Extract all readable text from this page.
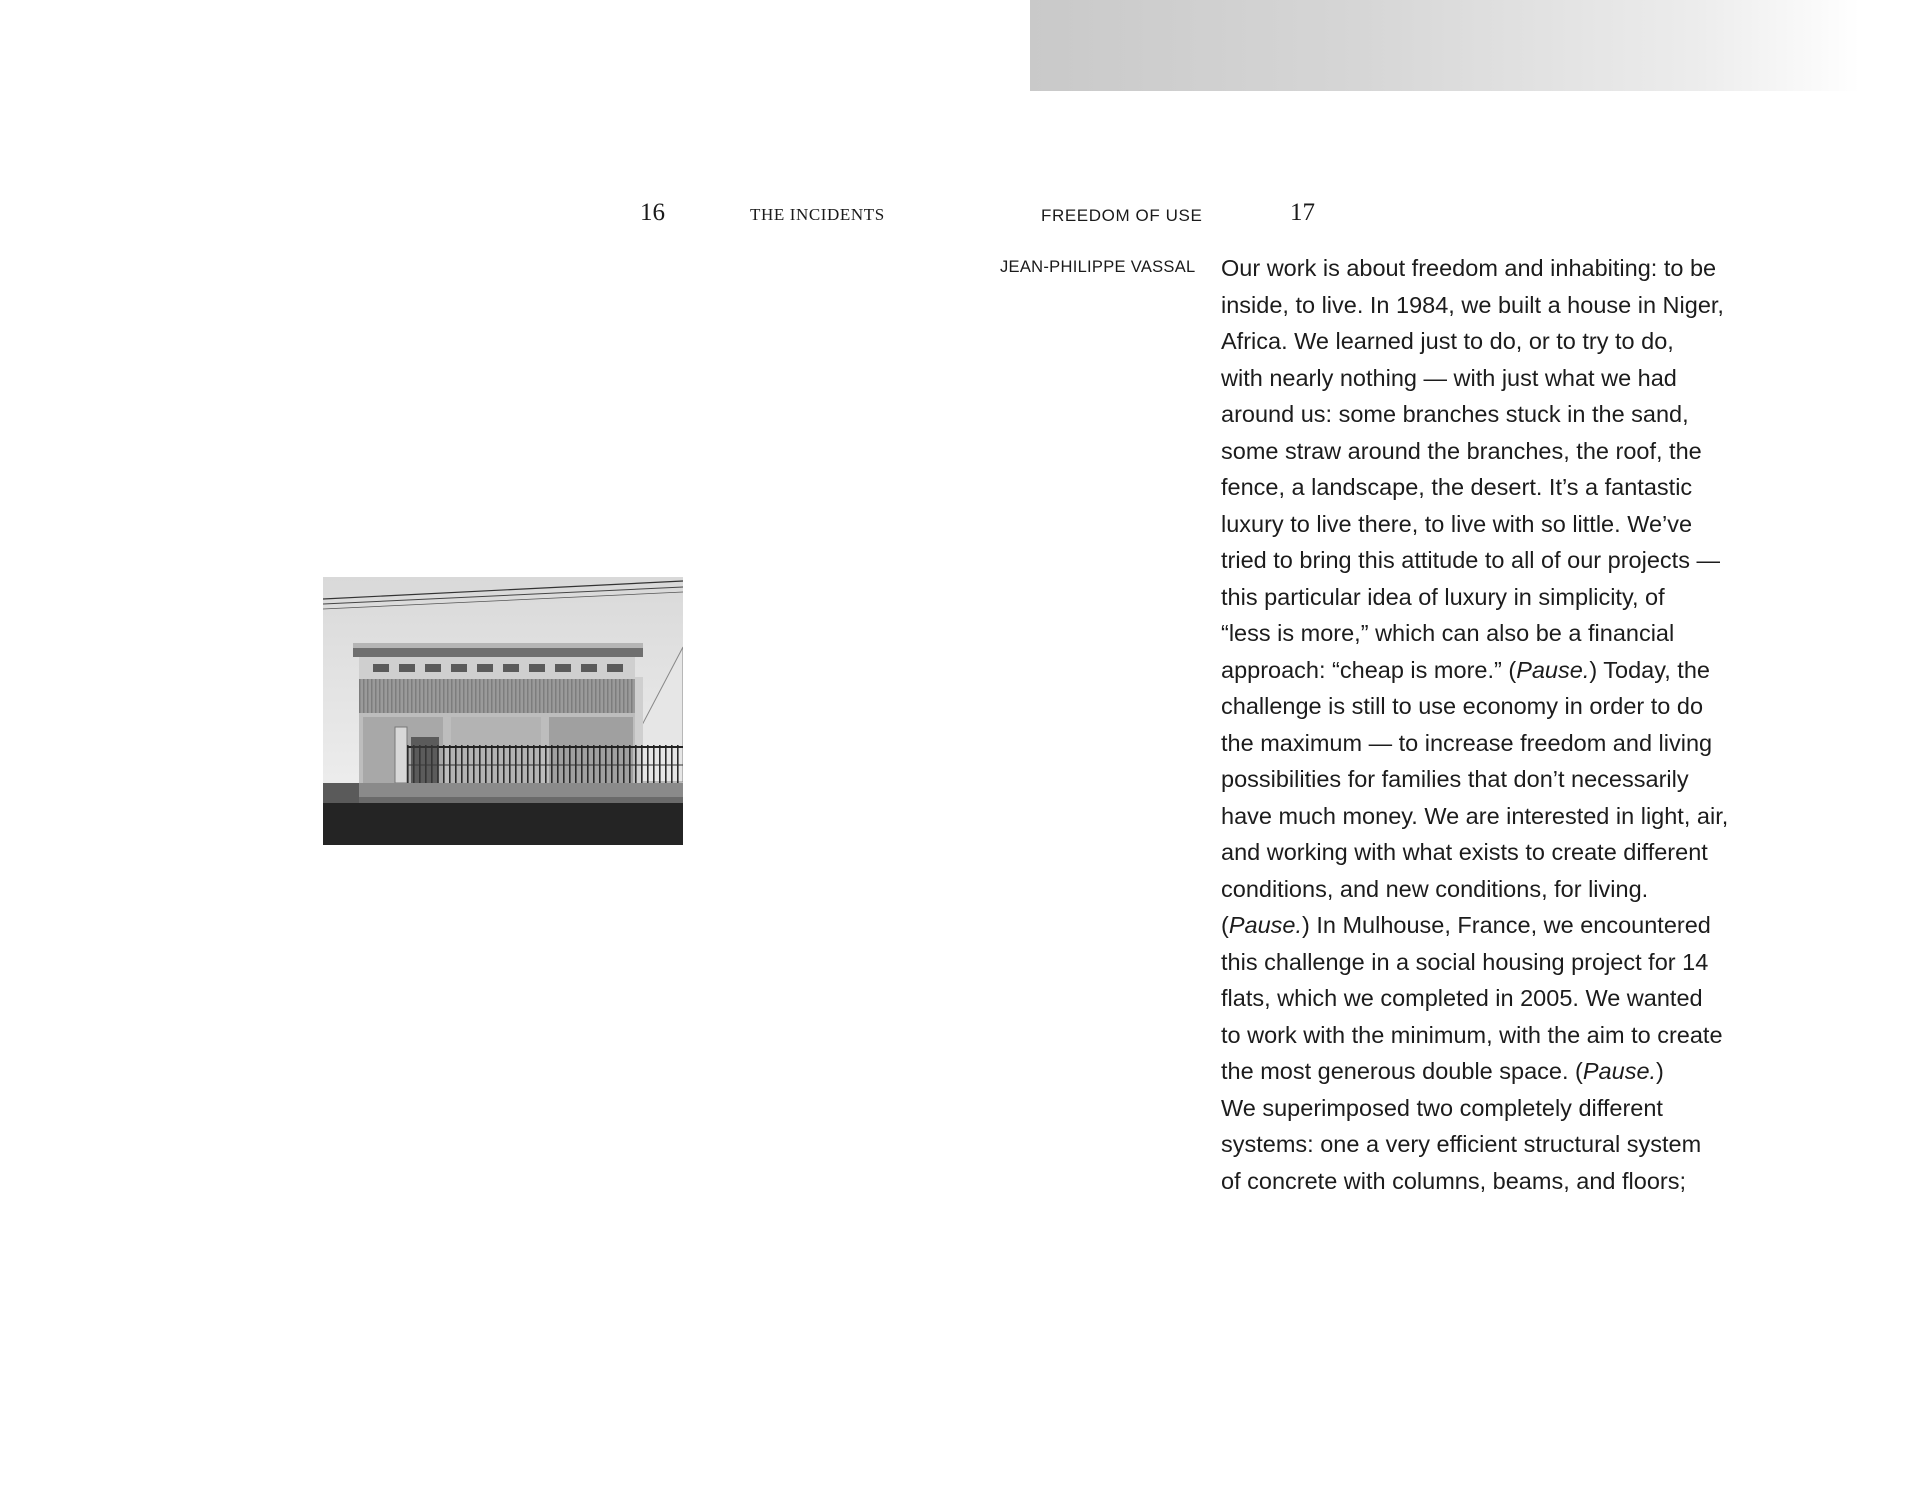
16	THE INCIDENTS	FREEDOM OF USE	17
JEAN-PHILIPPE VASSAL Our work is about freedom and inhabiting: to be
inside, to live. In 1984, we built a house in Niger,
Africa. We learned just to do, or to try to do,
with nearly nothing — with just what we had
around us: some branches stuck in the sand,
some straw around the branches, the roof, the
fence, a landscape, the desert. It’s a fantastic
luxury to live there, to live with so little. We’ve
tried to bring this attitude to all of our projects —
this particular idea of luxury in simplicity, of
“less is more,” which can also be a financial
approach: “cheap is more.” (Pause.) Today, the
challenge is still to use economy in order to do
the maximum — to increase freedom and living
possibilities for families that don’t necessarily
have much money. We are interested in light, air,
and working with what exists to create different
conditions, and new conditions, for living.
(Pause.) In Mulhouse, France, we encountered
this challenge in a social housing project for 14
flats, which we completed in 2005. We wanted
to work with the minimum, with the aim to create
the most generous double space. (Pause.)
We superimposed two completely different
systems: one a very efficient structural system
of concrete with columns, beams, and floors;
